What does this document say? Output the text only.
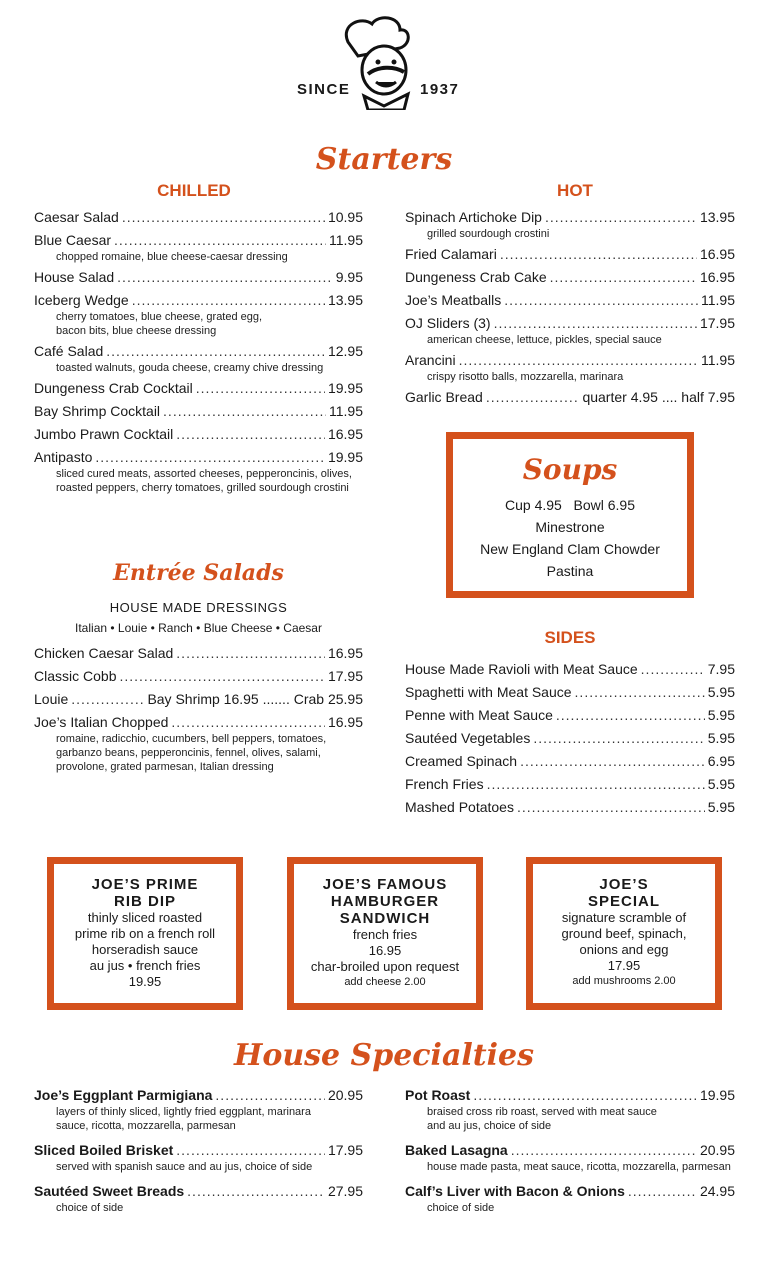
SINCE	1937
Starters
CHILLED	HOT
Caesar Salad .....	10.95
Blue Caesar .....	11.95
chopped romaine, blue cheese-caesar dressing
House Salad .....	9.95
Iceberg Wedge .....	13.95
cherry tomatoes, blue cheese, grated egg,
bacon bits, blue cheese dressing
Café Salad .....	12.95
toasted walnuts, gouda cheese, creamy chive dressing
Dungeness Crab Cocktail .....	19.95
Bay Shrimp Cocktail .....	11.95
Jumbo Prawn Cocktail .....	16.95
Antipasto .....	19.95
sliced cured meats, assorted cheeses, pepperoncinis, olives,
roasted peppers, cherry tomatoes, grilled sourdough crostini
Spinach Artichoke Dip .....	13.95
grilled sourdough crostini
Fried Calamari .....	16.95
Dungeness Crab Cake .....	16.95
Joe’s Meatballs .....	11.95
OJ Sliders (3) .....	17.95
american cheese, lettuce, pickles, special sauce
Arancini .....	11.95
crispy risotto balls, mozzarella, marinara
Garlic Bread .....	quarter 4.95 .... half 7.95
Soups
Cup 4.95 Bowl 6.95
Minestrone
New England Clam Chowder
Pastina
Entrée Salads
HOUSE MADE DRESSINGS
Italian • Louie • Ranch • Blue Cheese • Caesar
Chicken Caesar Salad .....	16.95
Classic Cobb .....	17.95
Louie .....	Bay Shrimp 16.95 ....... Crab 25.95
Joe’s Italian Chopped .....	16.95
romaine, radicchio, cucumbers, bell peppers, tomatoes,
garbanzo beans, pepperoncinis, fennel, olives, salami,
provolone, grated parmesan, Italian dressing
SIDES
House Made Ravioli with Meat Sauce .....	7.95
Spaghetti with Meat Sauce .....	5.95
Penne with Meat Sauce .....	5.95
Sautéed Vegetables .....	5.95
Creamed Spinach .....	6.95
French Fries .....	5.95
Mashed Potatoes .....	5.95
JOE’S PRIME
RIB DIP
thinly sliced roasted
prime rib on a french roll
horseradish sauce
au jus • french fries
19.95
JOE’S FAMOUS
HAMBURGER
SANDWICH
french fries
16.95
char-broiled upon request
add cheese 2.00
JOE’S
SPECIAL
signature scramble of
ground beef, spinach,
onions and egg
17.95
add mushrooms 2.00
House Specialties
Joe’s Eggplant Parmigiana .....	20.95
layers of thinly sliced, lightly fried eggplant, marinara
sauce, ricotta, mozzarella, parmesan
Sliced Boiled Brisket .....	17.95
served with spanish sauce and au jus, choice of side
Sautéed Sweet Breads .....	27.95
choice of side
Pot Roast .....	19.95
braised cross rib roast, served with meat sauce
and au jus, choice of side
Baked Lasagna .....	20.95
house made pasta, meat sauce, ricotta, mozzarella, parmesan
Calf’s Liver with Bacon & Onions .....	24.95
choice of side
